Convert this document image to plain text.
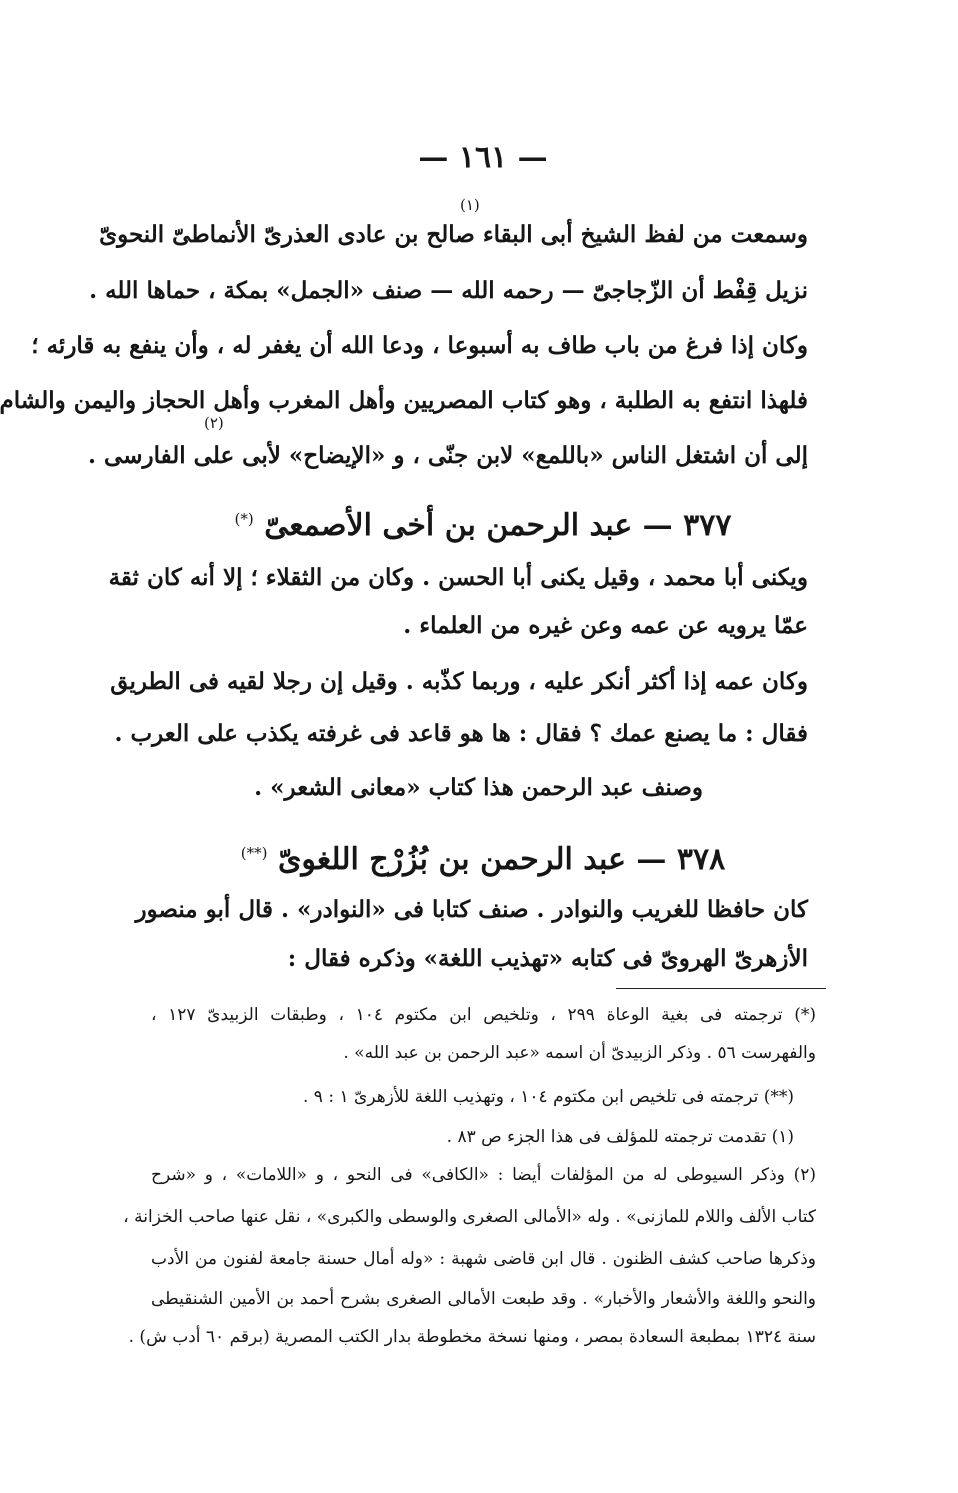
— ١٦١ —
(١)
وسمعت من لفظ الشيخ أبى البقاء صالح بن عادى العذرىّ الأنماطىّ النحوىّ
نزيل قِفْط أن الزّجاجىّ — رحمه الله — صنف «الجمل» بمكة ، حماها الله .
وكان إذا فرغ من باب طاف به أسبوعا ، ودعا الله أن يغفر له ، وأن ينفع به قارئه ؛
فلهذا انتفع به الطلبة ، وهو كتاب المصريين وأهل المغرب وأهل الحجاز واليمن والشام
(٢)
إلى أن اشتغل الناس «باللمع» لابن جنّى ، و «الإيضاح» لأبى على الفارسى .
٣٧٧ — عبد الرحمن بن أخى الأصمعىّ (*)
ويكنى أبا محمد ، وقيل يكنى أبا الحسن . وكان من الثقلاء ؛ إلا أنه كان ثقة
عمّا يرويه عن عمه وعن غيره من العلماء .
وكان عمه إذا أكثر أنكر عليه ، وربما كذّبه . وقيل إن رجلا لقيه فى الطريق
فقال : ما يصنع عمك ؟ فقال : ها هو قاعد فى غرفته يكذب على العرب .
وصنف عبد الرحمن هذا كتاب «معانى الشعر» .
٣٧٨ — عبد الرحمن بن بُزُرْج اللغوىّ (**)
كان حافظا للغريب والنوادر . صنف كتابا فى «النوادر» . قال أبو منصور
الأزهرىّ الهروىّ فى كتابه «تهذيب اللغة» وذكره فقال :
(*) ترجمته فى بغية الوعاة ٢٩٩ ، وتلخيص ابن مكتوم ١٠٤ ، وطبقات الزبيدىّ ١٢٧ ،
والفهرست ٥٦ . وذكر الزبيدىّ أن اسمه «عبد الرحمن بن عبد الله» .
(**) ترجمته فى تلخيص ابن مكتوم ١٠٤ ، وتهذيب اللغة للأزهرىّ ١ : ٩ .
(١) تقدمت ترجمته للمؤلف فى هذا الجزء ص ٨٣ .
(٢) وذكر السيوطى له من المؤلفات أيضا : «الكافى» فى النحو ، و «اللامات» ، و «شرح
كتاب الألف واللام للمازنى» . وله «الأمالى الصغرى والوسطى والكبرى» ، نقل عنها صاحب الخزانة ،
وذكرها صاحب كشف الظنون . قال ابن قاضى شهبة : «وله أمال حسنة جامعة لفنون من الأدب
والنحو واللغة والأشعار والأخبار» . وقد طبعت الأمالى الصغرى بشرح أحمد بن الأمين الشنقيطى
سنة ١٣٢٤ بمطبعة السعادة بمصر ، ومنها نسخة مخطوطة بدار الكتب المصرية (برقم ٦٠ أدب ش) .
